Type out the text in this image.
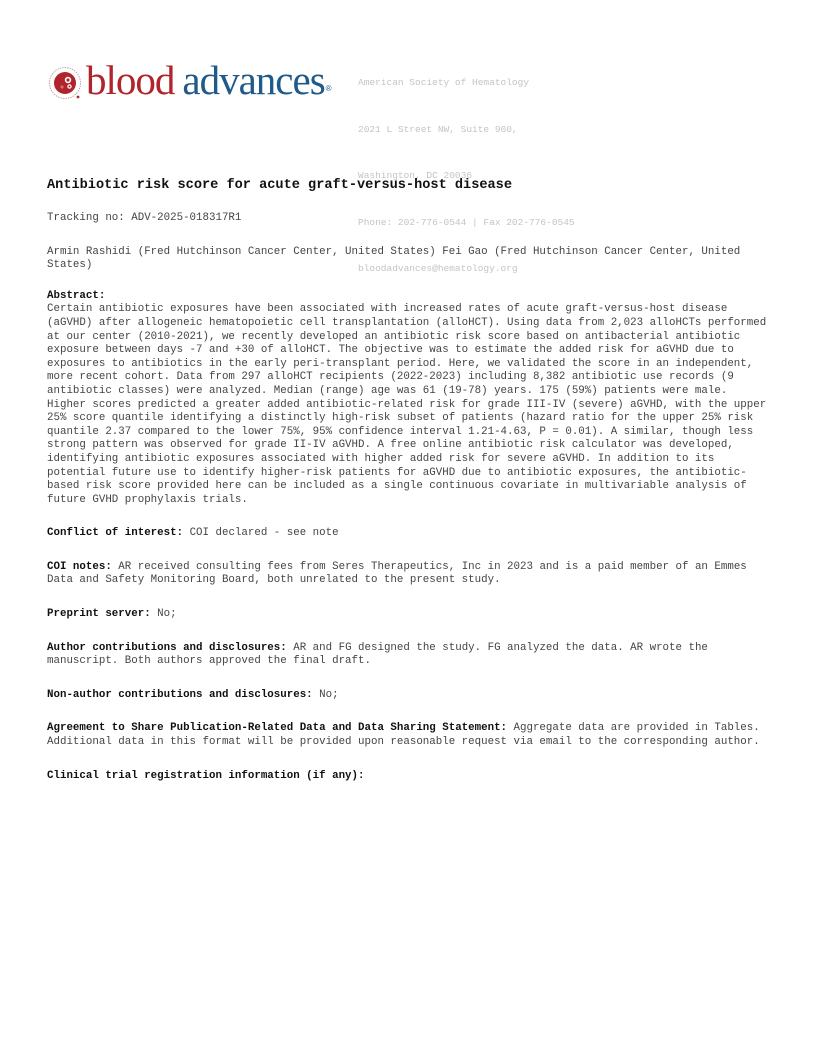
blood advances ®

American Society of Hematology

2021 L Street NW, Suite 900,

Washington, DC 20036

Phone: 202-776-0544 | Fax 202-776-0545

bloodadvances@hematology.org

Antibiotic risk score for acute graft-versus-host disease

Tracking no: ADV-2025-018317R1

Armin Rashidi (Fred Hutchinson Cancer Center, United States) Fei Gao (Fred Hutchinson Cancer Center, United States)

Abstract:

Certain antibiotic exposures have been associated with increased rates of acute graft-versus-host disease (aGVHD) after allogeneic hematopoietic cell transplantation (alloHCT). Using data from 2,023 alloHCTs performed at our center (2010-2021), we recently developed an antibiotic risk score based on antibacterial antibiotic exposure between days -7 and +30 of alloHCT. The objective was to estimate the added risk for aGVHD due to exposures to antibiotics in the early peri-transplant period. Here, we validated the score in an independent, more recent cohort. Data from 297 alloHCT recipients (2022-2023) including 8,382 antibiotic use records (9 antibiotic classes) were analyzed. Median (range) age was 61 (19-78) years. 175 (59%) patients were male. Higher scores predicted a greater added antibiotic-related risk for grade III-IV (severe) aGVHD, with the upper 25% score quantile identifying a distinctly high-risk subset of patients (hazard ratio for the upper 25% risk quantile 2.37 compared to the lower 75%, 95% confidence interval 1.21-4.63, P = 0.01). A similar, though less strong pattern was observed for grade II-IV aGVHD. A free online antibiotic risk calculator was developed, identifying antibiotic exposures associated with higher added risk for severe aGVHD. In addition to its potential future use to identify higher-risk patients for aGVHD due to antibiotic exposures, the antibiotic-based risk score provided here can be included as a single continuous covariate in multivariable analysis of future GVHD prophylaxis trials.

Conflict of interest: COI declared - see note
COI notes: AR received consulting fees from Seres Therapeutics, Inc in 2023 and is a paid member of an Emmes Data and Safety Monitoring Board, both unrelated to the present study.
Preprint server: No;
Author contributions and disclosures: AR and FG designed the study. FG analyzed the data. AR wrote the manuscript. Both authors approved the final draft.
Non-author contributions and disclosures: No;
Agreement to Share Publication-Related Data and Data Sharing Statement: Aggregate data are provided in Tables. Additional data in this format will be provided upon reasonable request via email to the corresponding author.
Clinical trial registration information (if any):
